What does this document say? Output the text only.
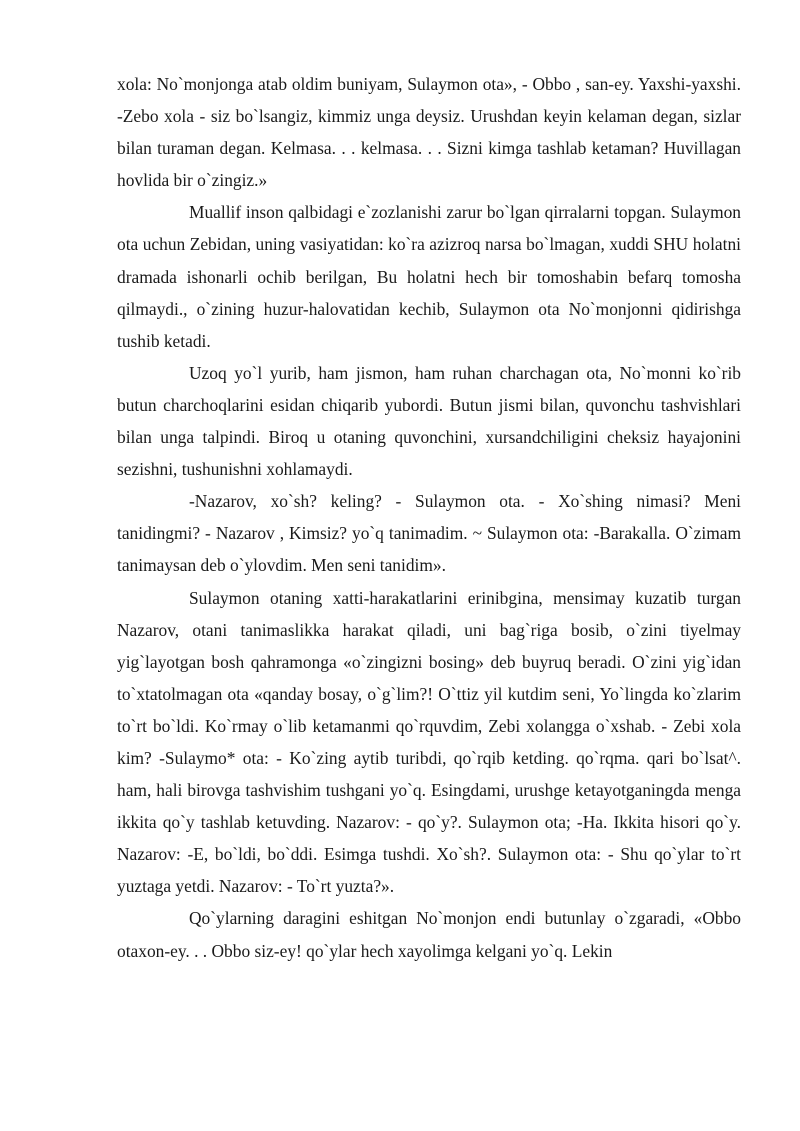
xola: No`monjonga atab oldim buniyam, Sulaymon ota», - Obbo , san-ey. Yaxshi-yaxshi. -Zebo xola - siz bo`lsangiz, kimmiz unga deysiz. Urushdan keyin kelaman degan, sizlar bilan turaman degan. Kelmasa. . . kelmasa. . . Sizni kimga tashlab ketaman? Huvillagan hovlida bir o`zingiz.»

Muallif inson qalbidagi e`zozlanishi zarur bo`lgan qirralarni topgan. Sulaymon ota uchun Zebidan, uning vasiyatidan: ko`ra azizroq narsa bo`lmagan, xuddi SHU holatni dramada ishonarli ochib berilgan, Bu holatni hech bir tomoshabin befarq tomosha qilmaydi., o`zining huzur-halovatidan kechib, Sulaymon ota No`monjonni qidirishga tushib ketadi.

Uzoq yo`l yurib, ham jismon, ham ruhan charchagan ota, No`monni ko`rib butun charchoqlarini esidan chiqarib yubordi. Butun jismi bilan, quvonchu tashvishlari bilan unga talpindi. Biroq u otaning quvonchini, xursandchiligini cheksiz hayajonini sezishni, tushunishni xohlamaydi.

-Nazarov, xo`sh? keling? - Sulaymon ota. - Xo`shing nimasi? Meni tanidingmi? - Nazarov , Kimsiz? yo`q tanimadim. ~ Sulaymon ota: -Barakalla. O`zimam tanimaysan deb o`ylovdim. Men seni tanidim».

Sulaymon otaning xatti-harakatlarini erinibgina, mensimay kuzatib turgan Nazarov, otani tanimaslikka harakat qiladi, uni bag`riga bosib, o`zini tiyelmay yig`layotgan bosh qahramonga «o`zingizni bosing» deb buyruq beradi. O`zini yig`idan to`xtatolmagan ota «qanday bosay, o`g`lim?! O`ttiz yil kutdim seni, Yo`lingda ko`zlarim to`rt bo`ldi. Ko`rmay o`lib ketamanmi qo`rquvdim, Zebi xolangga o`xshab. - Zebi xola kim? -Sulaymo* ota: - Ko`zing aytib turibdi, qo`rqib ketding. qo`rqma. qari bo`lsat^. ham, hali birovga tashvishim tushgani yo`q. Esingdami, urushge ketayotganingda menga ikkita qo`y tashlab ketuvding. Nazarov: - qo`y?. Sulaymon ota; -Ha. Ikkita hisori qo`y. Nazarov: -E, bo`ldi, bo`ddi. Esimga tushdi. Xo`sh?. Sulaymon ota: - Shu qo`ylar to`rt yuztaga yetdi. Nazarov: - To`rt yuzta?».

Qo`ylarning daragini eshitgan No`monjon endi butunlay o`zgaradi, «Obbo otaxon-ey. . . Obbo siz-ey! qo`ylar hech xayolimga kelgani yo`q. Lekin
